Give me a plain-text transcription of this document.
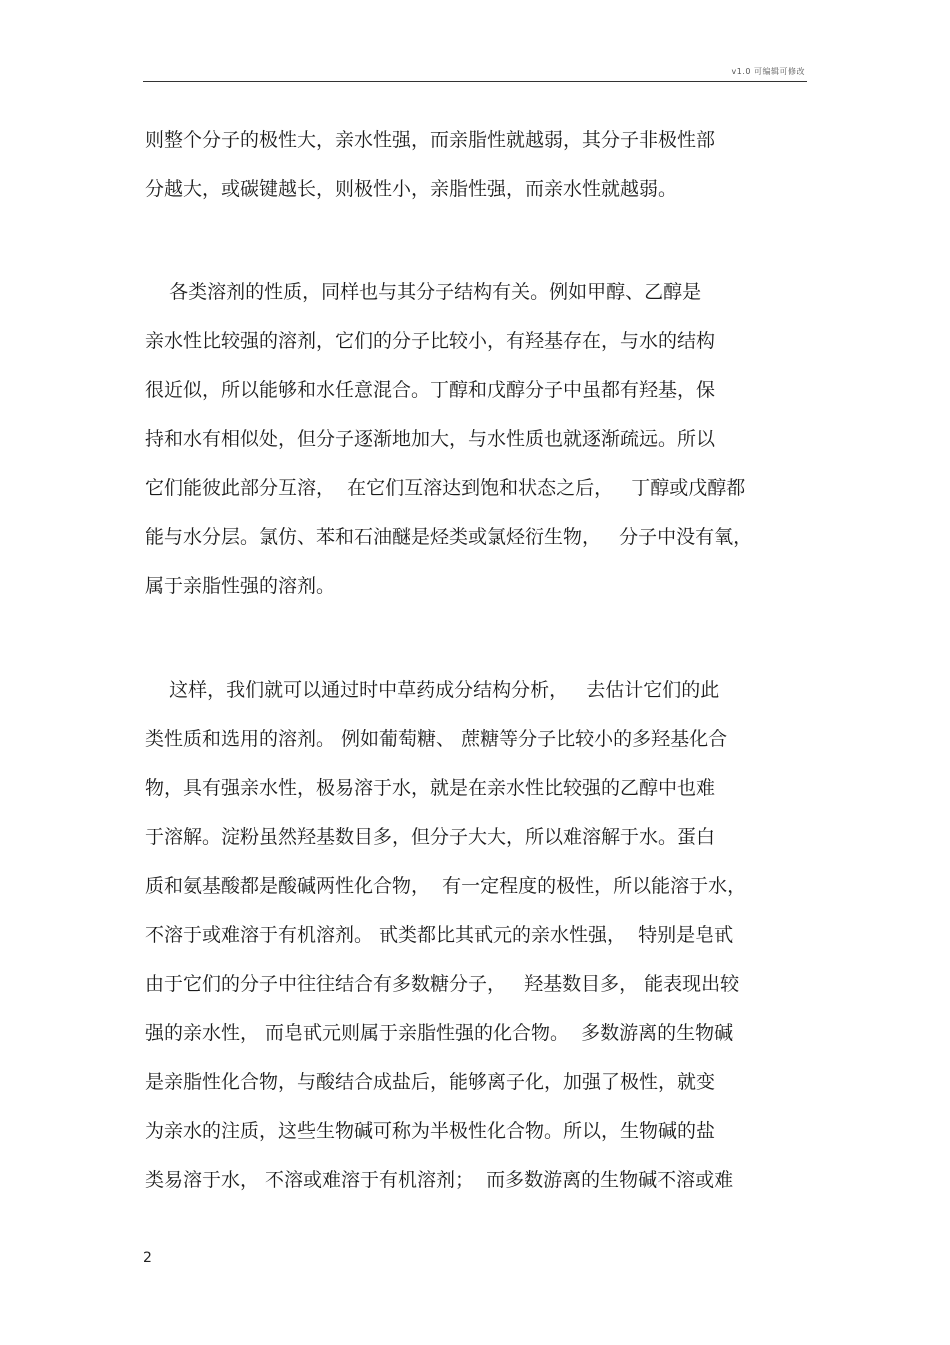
v1.0 可编辑可修改
则整个分子的极性大，亲水性强，而亲脂性就越弱，其分子非极性部
分越大，或碳键越长，则极性小，亲脂性强，而亲水性就越弱。
各类溶剂的性质，同样也与其分子结构有关。例如甲醇、乙醇是
亲水性比较强的溶剂，它们的分子比较小，有羟基存在，与水的结构
很近似，所以能够和水任意混合。丁醇和戊醇分子中虽都有羟基，保
持和水有相似处，但分子逐渐地加大，与水性质也就逐渐疏远。所以
它们能彼此部分互溶，  在它们互溶达到饱和状态之后，   丁醇或戊醇都
能与水分层。氯仿、苯和石油醚是烃类或氯烃衍生物，   分子中没有氧，
属于亲脂性强的溶剂。
这样，我们就可以通过时中草药成分结构分析，   去估计它们的此
类性质和选用的溶剂。 例如葡萄糖、 蔗糖等分子比较小的多羟基化合
物，具有强亲水性，极易溶于水，就是在亲水性比较强的乙醇中也难
于溶解。淀粉虽然羟基数目多，但分子大大，所以难溶解于水。蛋白
质和氨基酸都是酸碱两性化合物，  有一定程度的极性，所以能溶于水，
不溶于或难溶于有机溶剂。 甙类都比其甙元的亲水性强，  特别是皂甙
由于它们的分子中往往结合有多数糖分子，   羟基数目多， 能表现出较
强的亲水性， 而皂甙元则属于亲脂性强的化合物。  多数游离的生物碱
是亲脂性化合物，与酸结合成盐后，能够离子化，加强了极性，就变
为亲水的注质，这些生物碱可称为半极性化合物。所以，生物碱的盐
类易溶于水， 不溶或难溶于有机溶剂；  而多数游离的生物碱不溶或难
2
